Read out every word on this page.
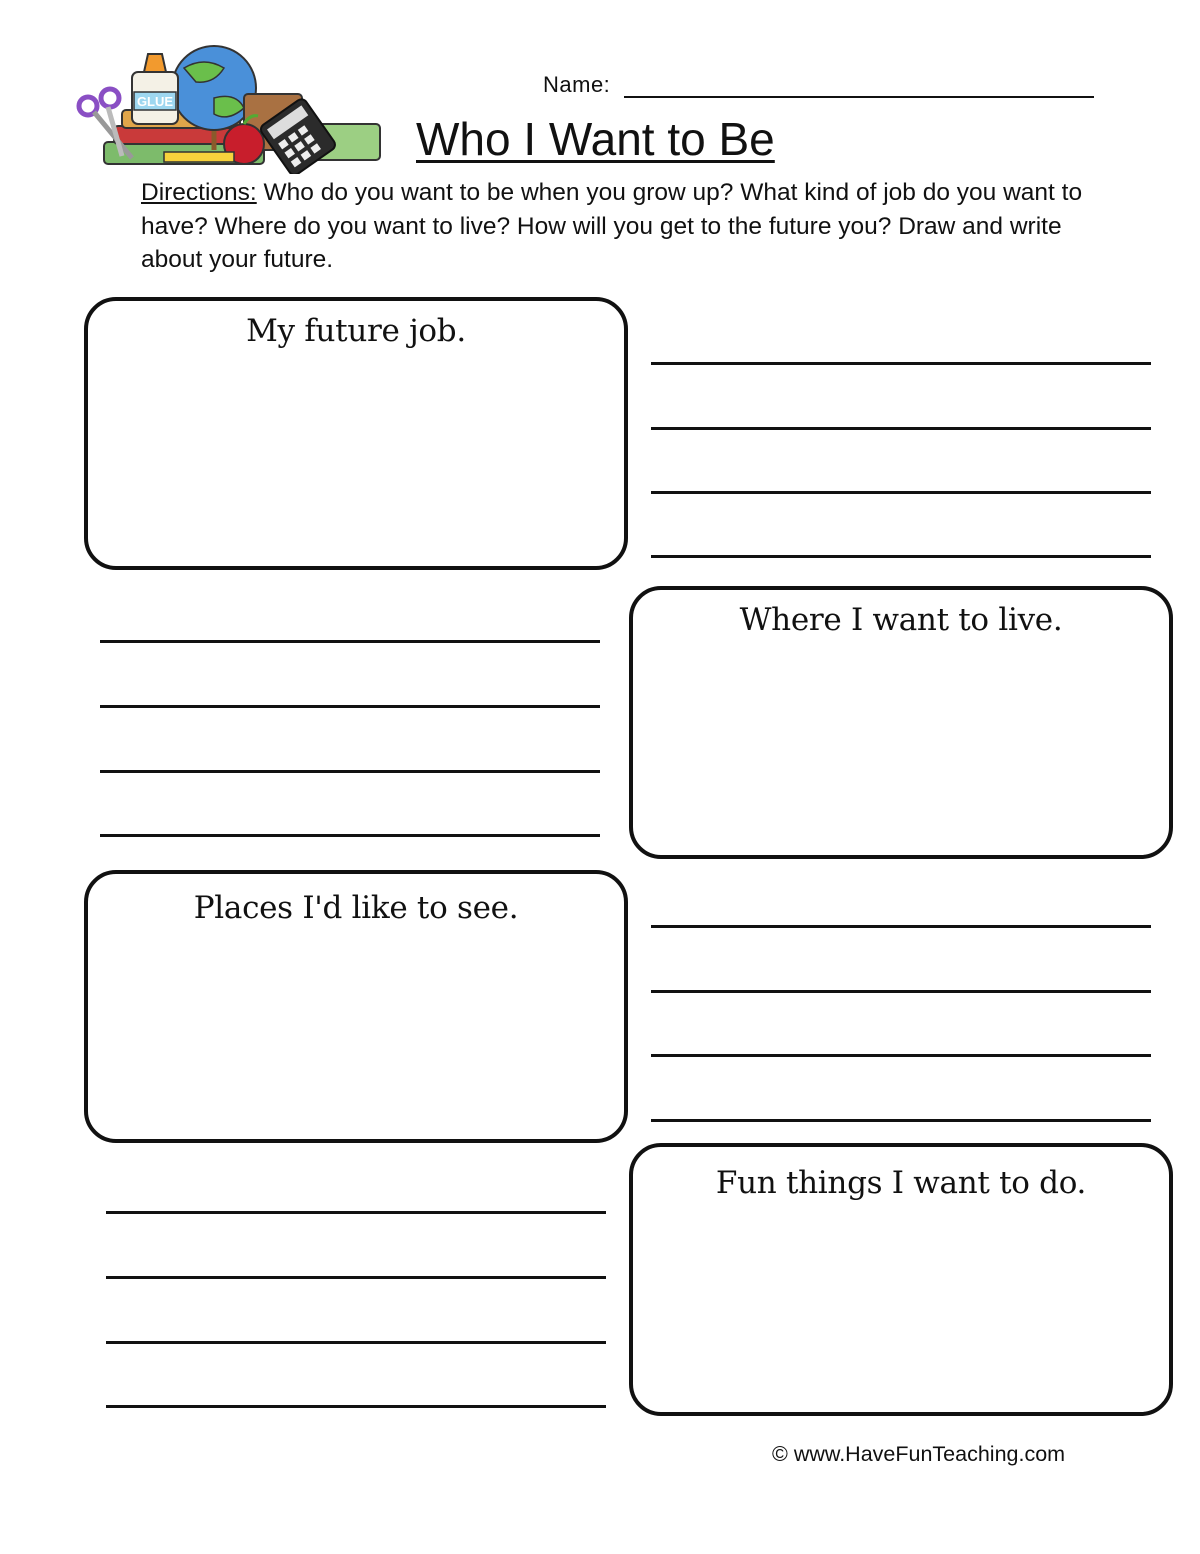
GLUE
Name:
Who I Want to Be
Directions: Who do you want to be when you grow up? What kind of job do you want to have? Where do you want to live? How will you get to the future you? Draw and write about your future.
My future job.
Where I want to live.
Places I'd like to see.
Fun things I want to do.
© www.HaveFunTeaching.com
